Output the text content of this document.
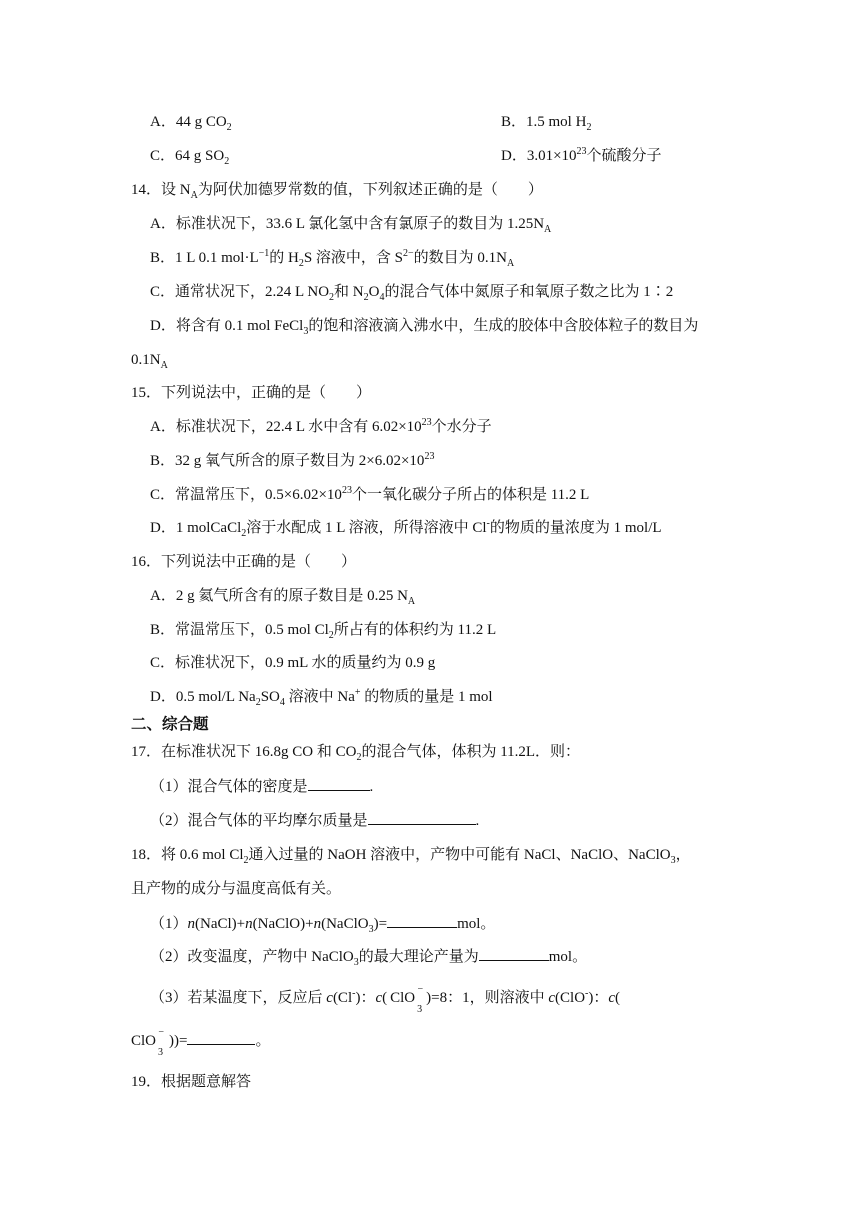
A．44 g $CO_2$	B．1.5 mol $H_2$
C．64 g $SO_2$	D．$3.01\times 10^{23}$个硫酸分子
14．设 $N_A$为阿伏加德罗常数的值，下列叙述正确的是（　　）
A．标准状况下，33.6 L 氯化氢中含有氯原子的数目为 $1.25N_A$
B．1 L 0.1 $mol\cdot L^{-1}$的 $H_2S$ 溶液中，含 $S^{2-}$的数目为 $0.1N_A$
C．通常状况下，2.24 L $NO_2$和 $N_2O_4$的混合气体中氮原子和氧原子数之比为 1∶2
D．将含有 0.1 mol FeCl$_3$的饱和溶液滴入沸水中，生成的胶体中含胶体粒子的数目为
$0.1N_A$
15．下列说法中，正确的是（　　）
A．标准状况下，22.4 L 水中含有 $6.02\times 10^{23}$个水分子
B．32 g 氧气所含的原子数目为 $2\times 6.02\times 10^{23}$
C．常温常压下，$0.5\times 6.02\times 10^{23}$个一氧化碳分子所占的体积是 11.2 L
D．1 molCaCl$_2$溶于水配成 1 L 溶液，所得溶液中 Cl-的物质的量浓度为 1 mol/L
16．下列说法中正确的是（　　）
A．2 g 氦气所含有的原子数目是 0.25 $N_A$
B．常温常压下，0.5 mol $Cl_2$所占有的体积约为 11.2 L
C．标准状况下，0.9 mL 水的质量约为 0.9 g
D．0.5 mol/L $Na_2SO_4$ 溶液中 Na+ 的物质的量是 1 mol
二、综合题
17．在标准状况下 16.8g CO 和 $CO_2$的混合气体，体积为 11.2L．则：
（1）混合气体的密度是	.
（2）混合气体的平均摩尔质量是	.
18．将 0.6 mol $Cl_2$通入过量的 NaOH 溶液中，产物中可能有 NaCl、NaClO、NaClO$_3$，
且产物的成分与温度高低有关。
（1）n(NaCl)+n(NaClO)+n(NaClO$_3$)=	mol。
（2）改变温度，产物中 NaClO$_3$的最大理论产量为	mol。
（3）若某温度下，反应后 c(Cl-)：c( ClO
−
3
)=8：1，则溶液中 c(ClO-)：c(
ClO
−
3
))=	。
19．根据题意解答
